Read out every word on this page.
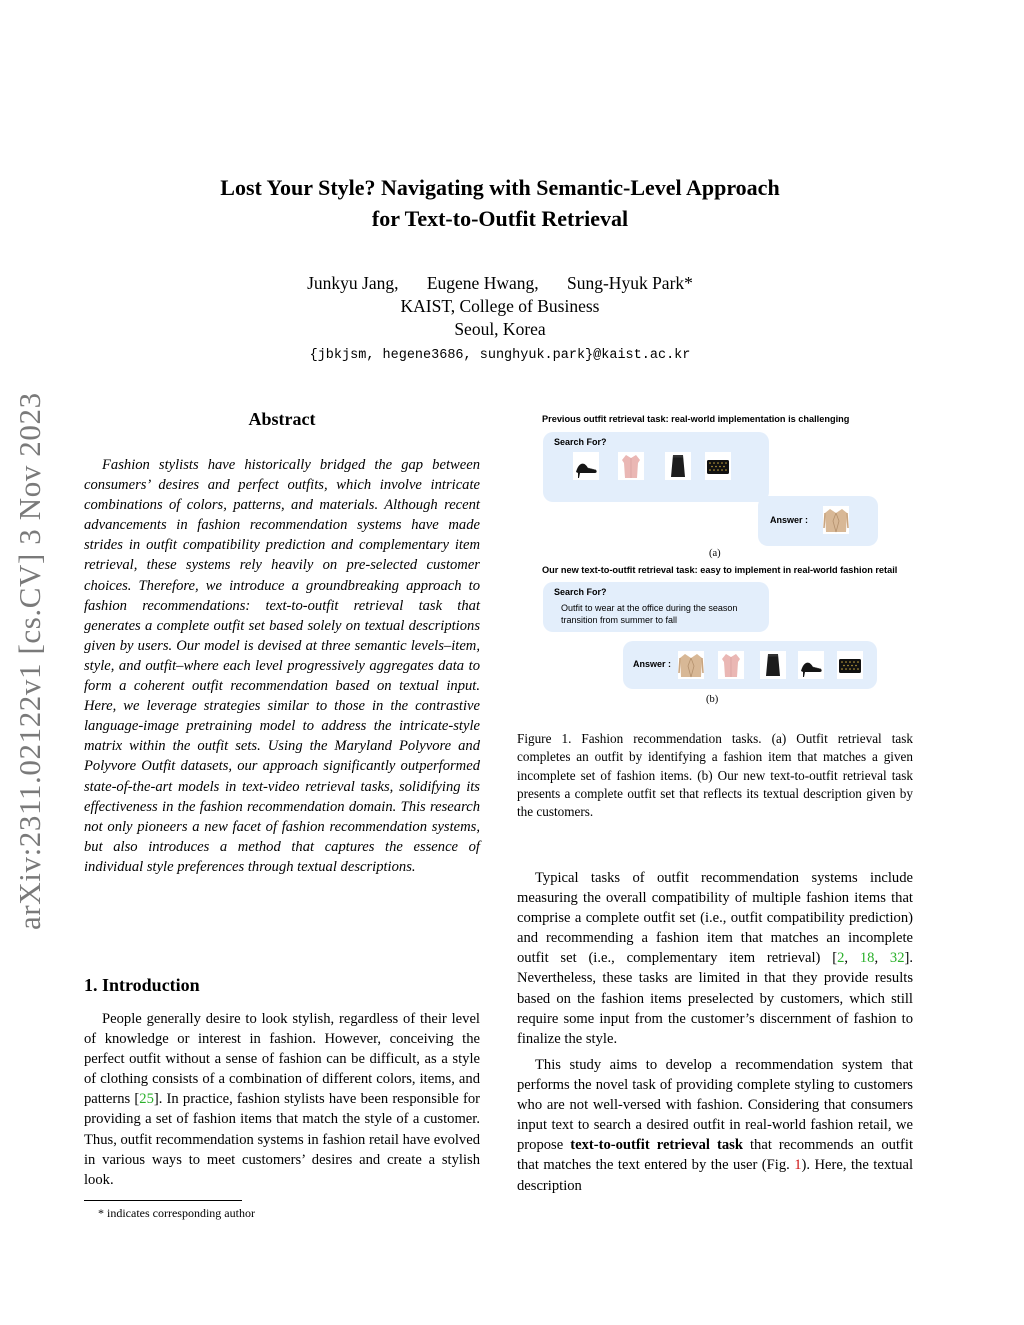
Lost Your Style? Navigating with Semantic-Level Approach
for Text-to-Outfit Retrieval
Junkyu Jang, Eugene Hwang, Sung-Hyuk Park*
KAIST, College of Business
Seoul, Korea
{jbkjsm, hegene3686, sunghyuk.park}@kaist.ac.kr
arXiv:2311.02122v1 [cs.CV] 3 Nov 2023	Abstract

Fashion stylists have historically bridged the gap between consumers’ desires and perfect outfits, which involve intricate combinations of colors, patterns, and materials. Although recent advancements in fashion recommendation systems have made strides in outfit compatibility prediction and complementary item retrieval, these systems rely heavily on pre-selected customer choices. Therefore, we introduce a groundbreaking approach to fashion recommendations: text-to-outfit retrieval task that generates a complete outfit set based solely on textual descriptions given by users. Our model is devised at three semantic levels–item, style, and outfit–where each level progressively aggregates data to form a coherent outfit recommendation based on textual input. Here, we leverage strategies similar to those in the contrastive language-image pretraining model to address the intricate-style matrix within the outfit sets. Using the Maryland Polyvore and Polyvore Outfit datasets, our approach significantly outperformed state-of-the-art models in text-video retrieval tasks, solidifying its effectiveness in the fashion recommendation domain. This research not only pioneers a new facet of fashion recommendation systems, but also introduces a method that captures the essence of individual style preferences through textual descriptions.

1. Introduction

People generally desire to look stylish, regardless of their level of knowledge or interest in fashion. However, conceiving the perfect outfit without a sense of fashion can be difficult, as a style of clothing consists of a combination of different colors, items, and patterns [25]. In practice, fashion stylists have been responsible for providing a set of fashion items that match the style of a customer. Thus, outfit recommendation systems in fashion retail have evolved in various ways to meet customers’ desires and create a stylish look.

* indicates corresponding author
Previous outfit retrieval task: real-world implementation is challenging
Search For?
Answer :
(a)
Our new text-to-outfit retrieval task: easy to implement in real-world fashion retail
Search For?
Outfit to wear at the office during the season
transition from summer to fall
Answer :
(b)

Figure 1. Fashion recommendation tasks. (a) Outfit retrieval task completes an outfit by identifying a fashion item that matches a given incomplete set of fashion items. (b) Our new text-to-outfit retrieval task presents a complete outfit set that reflects its textual description given by the customers.

Typical tasks of outfit recommendation systems include measuring the overall compatibility of multiple fashion items that comprise a complete outfit set (i.e., outfit compatibility prediction) and recommending a fashion item that matches an incomplete outfit set (i.e., complementary item retrieval) [2, 18, 32]. Nevertheless, these tasks are limited in that they provide results based on the fashion items preselected by customers, which still require some input from the customer’s discernment of fashion to finalize the style.

This study aims to develop a recommendation system that performs the novel task of providing complete styling to customers who are not well-versed with fashion. Considering that consumers input text to search a desired outfit in real-world fashion retail, we propose text-to-outfit retrieval task that recommends an outfit that matches the text entered by the user (Fig. 1). Here, the textual description
